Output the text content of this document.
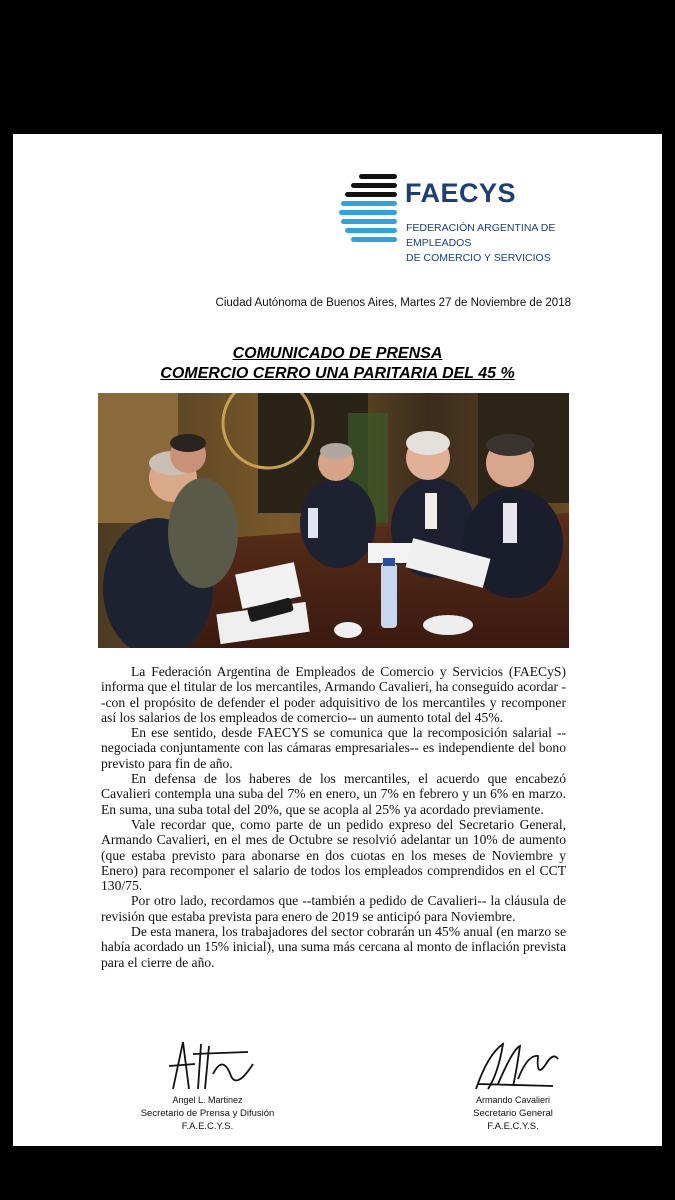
FAECYS
FEDERACIÓN ARGENTINA DE EMPLEADOS
DE COMERCIO Y SERVICIOS
Ciudad Autónoma de Buenos Aires, Martes 27 de Noviembre de 2018
COMUNICADO DE PRENSA
COMERCIO CERRO UNA PARITARIA DEL 45 %

La Federación Argentina de Empleados de Comercio y Servicios (FAECyS) informa que el titular de los mercantiles, Armando Cavalieri, ha conseguido acordar --con el propósito de defender el poder adquisitivo de los mercantiles y recomponer así los salarios de los empleados de comercio-- un aumento total del 45%.

En ese sentido, desde FAECYS se comunica que la recomposición salarial --negociada conjuntamente con las cámaras empresariales-- es independiente del bono previsto para fin de año.

En defensa de los haberes de los mercantiles, el acuerdo que encabezó Cavalieri contempla una suba del 7% en enero, un 7% en febrero y un 6% en marzo. En suma, una suba total del 20%, que se acopla al 25% ya acordado previamente.

Vale recordar que, como parte de un pedido expreso del Secretario General, Armando Cavalieri, en el mes de Octubre se resolvió adelantar un 10% de aumento (que estaba previsto para abonarse en dos cuotas en los meses de Noviembre y Enero) para recomponer el salario de todos los empleados comprendidos en el CCT 130/75.

Por otro lado, recordamos que --también a pedido de Cavalieri-- la cláusula de revisión que estaba prevista para enero de 2019 se anticipó para Noviembre.

De esta manera, los trabajadores del sector cobrarán un 45% anual (en marzo se había acordado un 15% inicial), una suma más cercana al monto de inflación prevista para el cierre de año.

Angel L. Martinez
Secretario de Prensa y Difusión
F.A.E.C.Y.S.
Armando Cavalieri
Secretario General
F.A.E.C.Y.S.
